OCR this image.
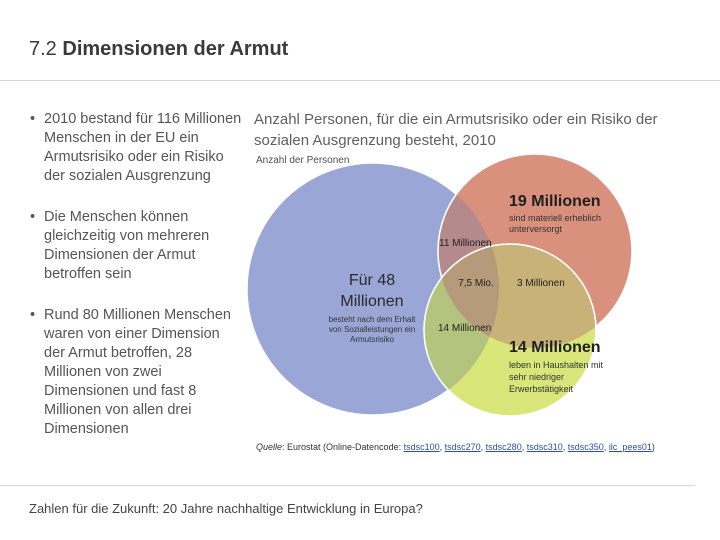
7.2 Dimensionen der Armut
• 2010 bestand für 116 Millionen Menschen in der EU ein Armutsrisiko oder ein Risiko der sozialen Ausgrenzung
• Die Menschen können gleichzeitig von mehreren Dimensionen der Armut betroffen sein
• Rund 80 Millionen Menschen waren von einer Dimension der Armut betroffen, 28 Millionen von zwei Dimensionen und fast 8 Millionen von allen drei Dimensionen
Anzahl Personen, für die ein Armutsrisiko oder ein Risiko der sozialen Ausgrenzung besteht, 2010
Anzahl der Personen
Für 48
Millionen
besteht nach dem Erhalt
von Sozialleistungen ein
Armutsrisiko
19 Millionen
sind materiell erheblich
unterversorgt
14 Millionen
leben in Haushalten mit
sehr niedriger
Erwerbstätigkeit
11 Millionen
7,5 Mio. 3 Millionen
14 Millionen
Quelle: Eurostat (Online-Datencode: tsdsc100, tsdsc270, tsdsc280, tsdsc310, tsdsc350, ilc_pees01)
Zahlen für die Zukunft: 20 Jahre nachhaltige Entwicklung in Europa?
